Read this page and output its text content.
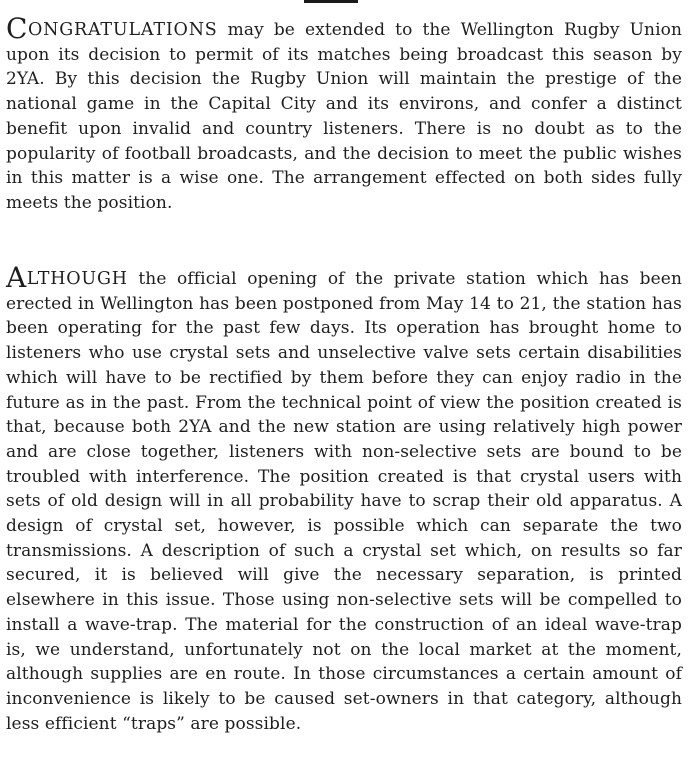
CONGRATULATIONS may be extended to the Wellington Rugby Union upon its decision to permit of its matches being broadcast this season by 2YA. By this decision the Rugby Union will maintain the prestige of the national game in the Capital City and its environs, and confer a distinct benefit upon invalid and country listeners. There is no doubt as to the popularity of football broadcasts, and the decision to meet the public wishes in this matter is a wise one. The arrangement effected on both sides fully meets the position.

ALTHOUGH the official opening of the private station which has been erected in Wellington has been postponed from May 14 to 21, the station has been operating for the past few days. Its operation has brought home to listeners who use crystal sets and unselective valve sets certain disabilities which will have to be rectified by them before they can enjoy radio in the future as in the past. From the technical point of view the position created is that, because both 2YA and the new station are using relatively high power and are close together, listeners with non-selective sets are bound to be troubled with interference. The position created is that crystal users with sets of old design will in all probability have to scrap their old apparatus. A design of crystal set, however, is possible which can separate the two transmissions. A description of such a crystal set which, on results so far secured, it is believed will give the necessary separation, is printed elsewhere in this issue. Those using non-selective sets will be compelled to install a wave-trap. The material for the construction of an ideal wave-trap is, we understand, unfortunately not on the local market at the moment, although supplies are en route. In those circumstances a certain amount of inconvenience is likely to be caused set-owners in that category, although less efficient “traps” are possible.
